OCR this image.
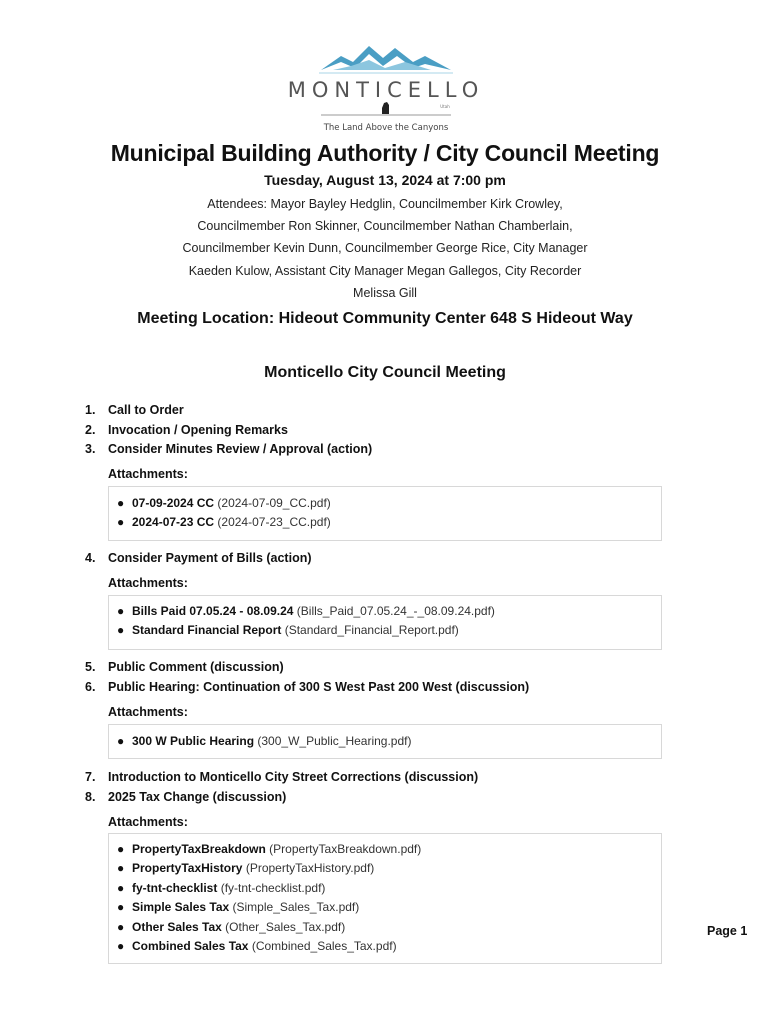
MONTICELLO
Utah
The Land Above the Canyons
Municipal Building Authority / City Council Meeting
Tuesday, August 13, 2024 at 7:00 pm
Attendees: Mayor Bayley Hedglin, Councilmember Kirk Crowley,
Councilmember Ron Skinner, Councilmember Nathan Chamberlain,
Councilmember Kevin Dunn, Councilmember George Rice, City Manager
Kaeden Kulow, Assistant City Manager Megan Gallegos, City Recorder
Melissa Gill
Meeting Location: Hideout Community Center 648 S Hideout Way
Monticello City Council Meeting
1. Call to Order
2. Invocation / Opening Remarks
3. Consider Minutes Review / Approval (action)
Attachments:
● 07-09-2024 CC (2024-07-09_CC.pdf)
● 2024-07-23 CC (2024-07-23_CC.pdf)
4. Consider Payment of Bills (action)
Attachments:
● Bills Paid 07.05.24 - 08.09.24 (Bills_Paid_07.05.24_-_08.09.24.pdf)
● Standard Financial Report (Standard_Financial_Report.pdf)
5. Public Comment (discussion)
6. Public Hearing: Continuation of 300 S West Past 200 West (discussion)
Attachments:
● 300 W Public Hearing (300_W_Public_Hearing.pdf)
7. Introduction to Monticello City Street Corrections (discussion)
8. 2025 Tax Change (discussion)
Attachments:
● PropertyTaxBreakdown (PropertyTaxBreakdown.pdf)
● PropertyTaxHistory (PropertyTaxHistory.pdf)
● fy-tnt-checklist (fy-tnt-checklist.pdf)
● Simple Sales Tax (Simple_Sales_Tax.pdf)
● Other Sales Tax (Other_Sales_Tax.pdf)
● Combined Sales Tax (Combined_Sales_Tax.pdf)
Page 1
